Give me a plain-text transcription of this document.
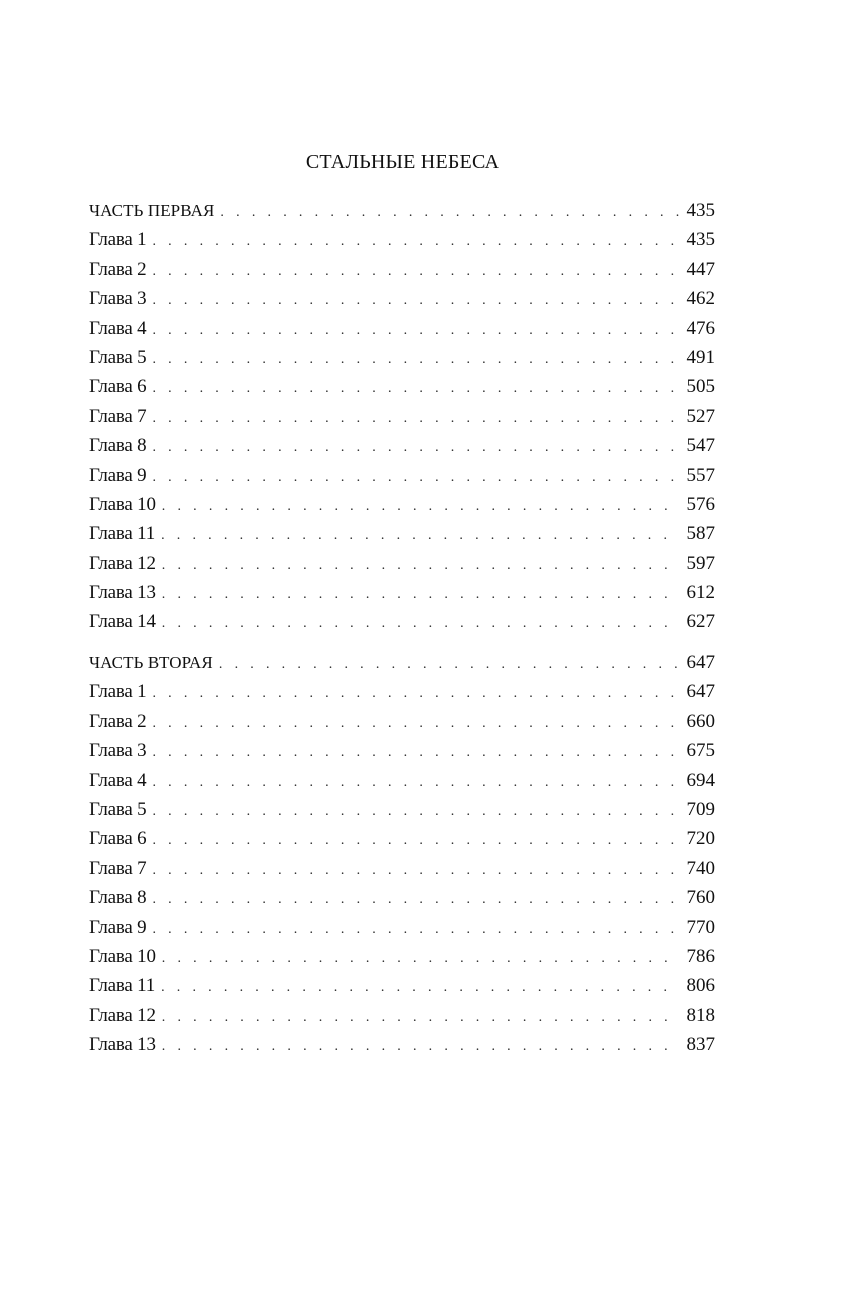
СТАЛЬНЫЕ НЕБЕСА
ЧАСТЬ ПЕРВАЯ . . .	435
Глава 1 . . .	435
Глава 2 . . .	447
Глава 3 . . .	462
Глава 4 . . .	476
Глава 5 . . .	491
Глава 6 . . .	505
Глава 7 . . .	527
Глава 8 . . .	547
Глава 9 . . .	557
Глава 10 . . .	576
Глава 11 . . .	587
Глава 12 . . .	597
Глава 13 . . .	612
Глава 14 . . .	627
ЧАСТЬ ВТОРАЯ . . .	647
Глава 1 . . .	647
Глава 2 . . .	660
Глава 3 . . .	675
Глава 4 . . .	694
Глава 5 . . .	709
Глава 6 . . .	720
Глава 7 . . .	740
Глава 8 . . .	760
Глава 9 . . .	770
Глава 10 . . .	786
Глава 11 . . .	806
Глава 12 . . .	818
Глава 13 . . .	837
